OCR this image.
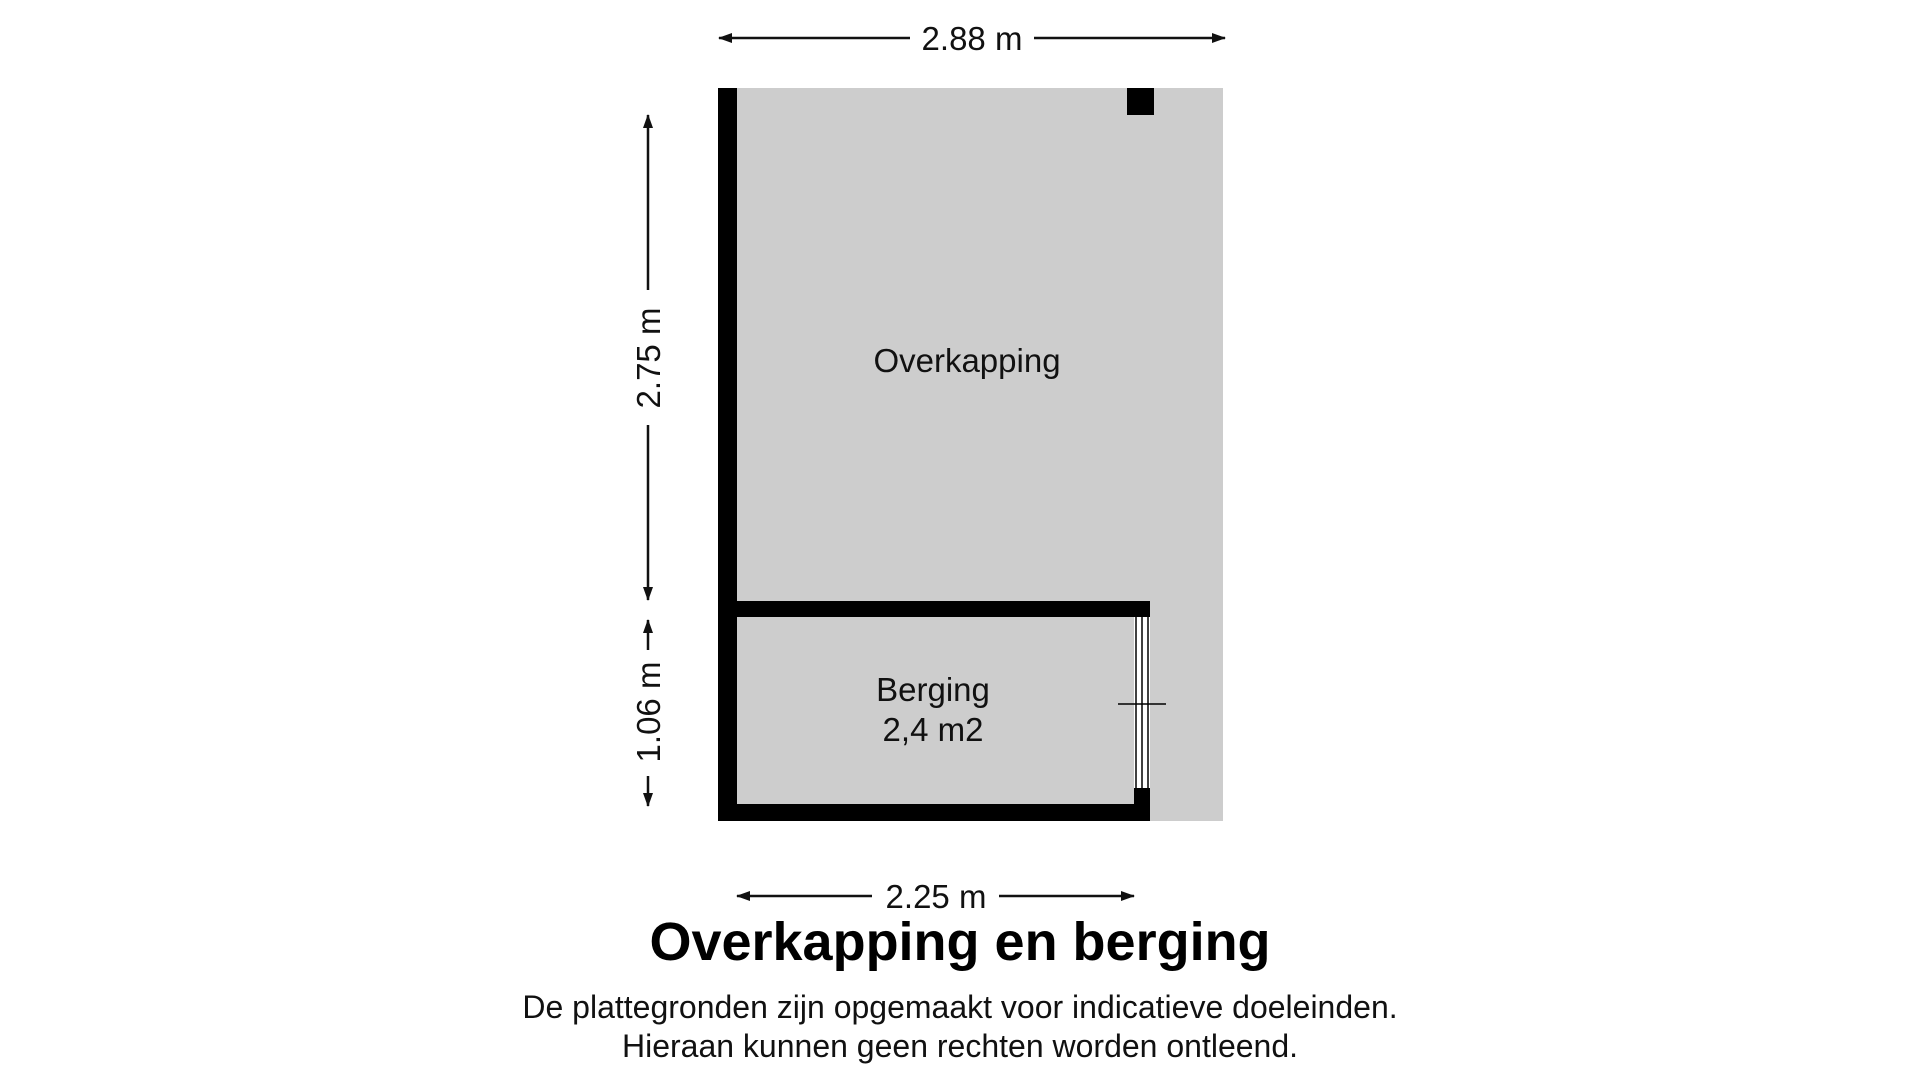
2.88 m
2.75 m
1.06 m
2.25 m
Overkapping
Berging
2,4 m2
Overkapping en berging
De plattegronden zijn opgemaakt voor indicatieve doeleinden.
Hieraan kunnen geen rechten worden ontleend.
